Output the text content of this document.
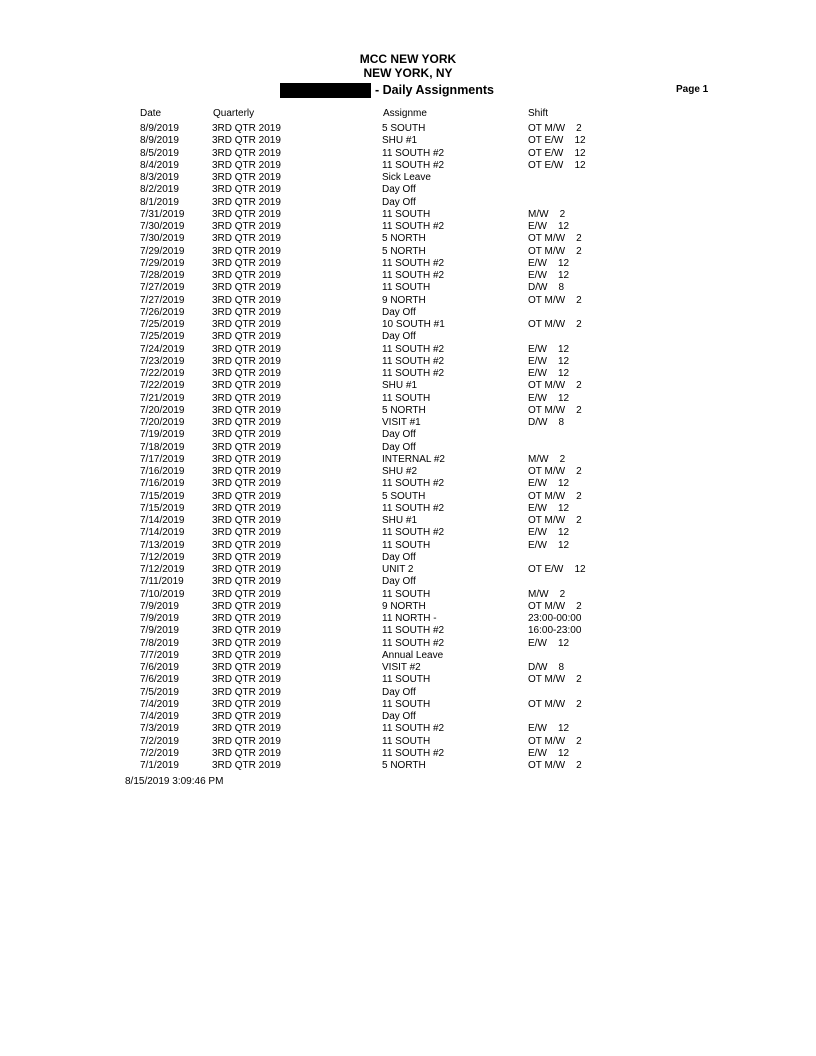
MCC NEW YORK
NEW YORK, NY
- Daily Assignments	Page 1
Date	Quarterly	Assignme	Shift
8/9/2019	3RD QTR 2019	5 SOUTH	OT M/W    2
8/9/2019	3RD QTR 2019	SHU #1	OT E/W    12
8/5/2019	3RD QTR 2019	11 SOUTH #2	OT E/W    12
8/4/2019	3RD QTR 2019	11 SOUTH #2	OT E/W    12
8/3/2019	3RD QTR 2019	Sick Leave
8/2/2019	3RD QTR 2019	Day Off
8/1/2019	3RD QTR 2019	Day Off
7/31/2019	3RD QTR 2019	11 SOUTH	M/W    2
7/30/2019	3RD QTR 2019	11 SOUTH #2	E/W    12
7/30/2019	3RD QTR 2019	5 NORTH	OT M/W    2
7/29/2019	3RD QTR 2019	5 NORTH	OT M/W    2
7/29/2019	3RD QTR 2019	11 SOUTH #2	E/W    12
7/28/2019	3RD QTR 2019	11 SOUTH #2	E/W    12
7/27/2019	3RD QTR 2019	11 SOUTH	D/W    8
7/27/2019	3RD QTR 2019	9 NORTH	OT M/W    2
7/26/2019	3RD QTR 2019	Day Off
7/25/2019	3RD QTR 2019	10 SOUTH #1	OT M/W    2
7/25/2019	3RD QTR 2019	Day Off
7/24/2019	3RD QTR 2019	11 SOUTH #2	E/W    12
7/23/2019	3RD QTR 2019	11 SOUTH #2	E/W    12
7/22/2019	3RD QTR 2019	11 SOUTH #2	E/W    12
7/22/2019	3RD QTR 2019	SHU #1	OT M/W    2
7/21/2019	3RD QTR 2019	11 SOUTH	E/W    12
7/20/2019	3RD QTR 2019	5 NORTH	OT M/W    2
7/20/2019	3RD QTR 2019	VISIT #1	D/W    8
7/19/2019	3RD QTR 2019	Day Off
7/18/2019	3RD QTR 2019	Day Off
7/17/2019	3RD QTR 2019	INTERNAL #2	M/W    2
7/16/2019	3RD QTR 2019	SHU #2	OT M/W    2
7/16/2019	3RD QTR 2019	11 SOUTH #2	E/W    12
7/15/2019	3RD QTR 2019	5 SOUTH	OT M/W    2
7/15/2019	3RD QTR 2019	11 SOUTH #2	E/W    12
7/14/2019	3RD QTR 2019	SHU #1	OT M/W    2
7/14/2019	3RD QTR 2019	11 SOUTH #2	E/W    12
7/13/2019	3RD QTR 2019	11 SOUTH	E/W    12
7/12/2019	3RD QTR 2019	Day Off
7/12/2019	3RD QTR 2019	UNIT 2	OT E/W    12
7/11/2019	3RD QTR 2019	Day Off
7/10/2019	3RD QTR 2019	11 SOUTH	M/W    2
7/9/2019	3RD QTR 2019	9 NORTH	OT M/W    2
7/9/2019	3RD QTR 2019	11 NORTH -	23:00-00:00
7/9/2019	3RD QTR 2019	11 SOUTH #2	16:00-23:00
7/8/2019	3RD QTR 2019	11 SOUTH #2	E/W    12
7/7/2019	3RD QTR 2019	Annual Leave
7/6/2019	3RD QTR 2019	VISIT #2	D/W    8
7/6/2019	3RD QTR 2019	11 SOUTH	OT M/W    2
7/5/2019	3RD QTR 2019	Day Off
7/4/2019	3RD QTR 2019	11 SOUTH	OT M/W    2
7/4/2019	3RD QTR 2019	Day Off
7/3/2019	3RD QTR 2019	11 SOUTH #2	E/W    12
7/2/2019	3RD QTR 2019	11 SOUTH	OT M/W    2
7/2/2019	3RD QTR 2019	11 SOUTH #2	E/W    12
7/1/2019	3RD QTR 2019	5 NORTH	OT M/W    2
8/15/2019 3:09:46 PM
